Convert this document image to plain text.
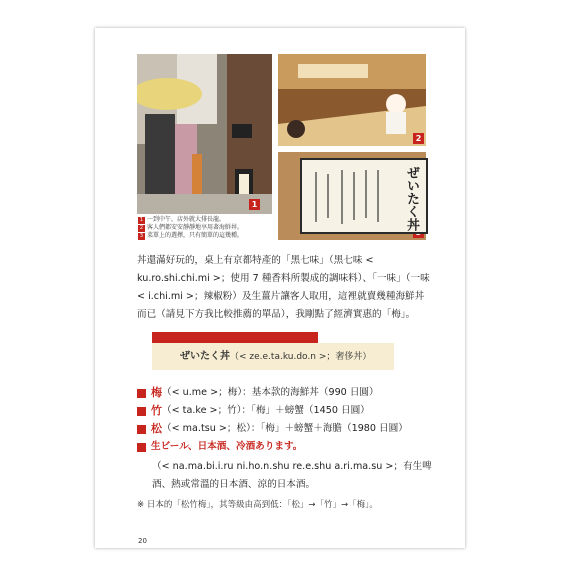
1
2
ぜいたく丼
1 一到中午，店外就大排長龍。
2 客人們都安安靜靜地享用著海鮮丼。
3 菜單上的選擇，只有簡單的這幾種。
丼還滿好玩的，桌上有京都特產的「黑七味」（黑七味 < ku.ro.shi.chi.mi >；使用 7 種香料所製成的調味料）、「一味」（一味 < i.chi.mi >；辣椒粉）及生薑片讓客人取用，這裡就賣幾種海鮮丼而已（請見下方我比較推薦的單品），我剛點了經濟實惠的「梅」。
ぜいたく丼（< ze.e.ta.ku.do.n >；奢侈丼）
梅 （< u.me >；梅）：基本款的海鮮丼（990 日圓）
竹 （< ta.ke >；竹）：「梅」＋螃蟹（1450 日圓）
松 （< ma.tsu >；松）：「梅」＋螃蟹＋海膽（1980 日圓）
生ビール、日本酒、冷酒あります。
（< na.ma.bi.i.ru ni.ho.n.shu re.e.shu a.ri.ma.su >；有生啤酒、熱或常溫的日本酒、涼的日本酒。
※ 日本的「松竹梅」，其等級由高到低：「松」→「竹」→「梅」。
20
